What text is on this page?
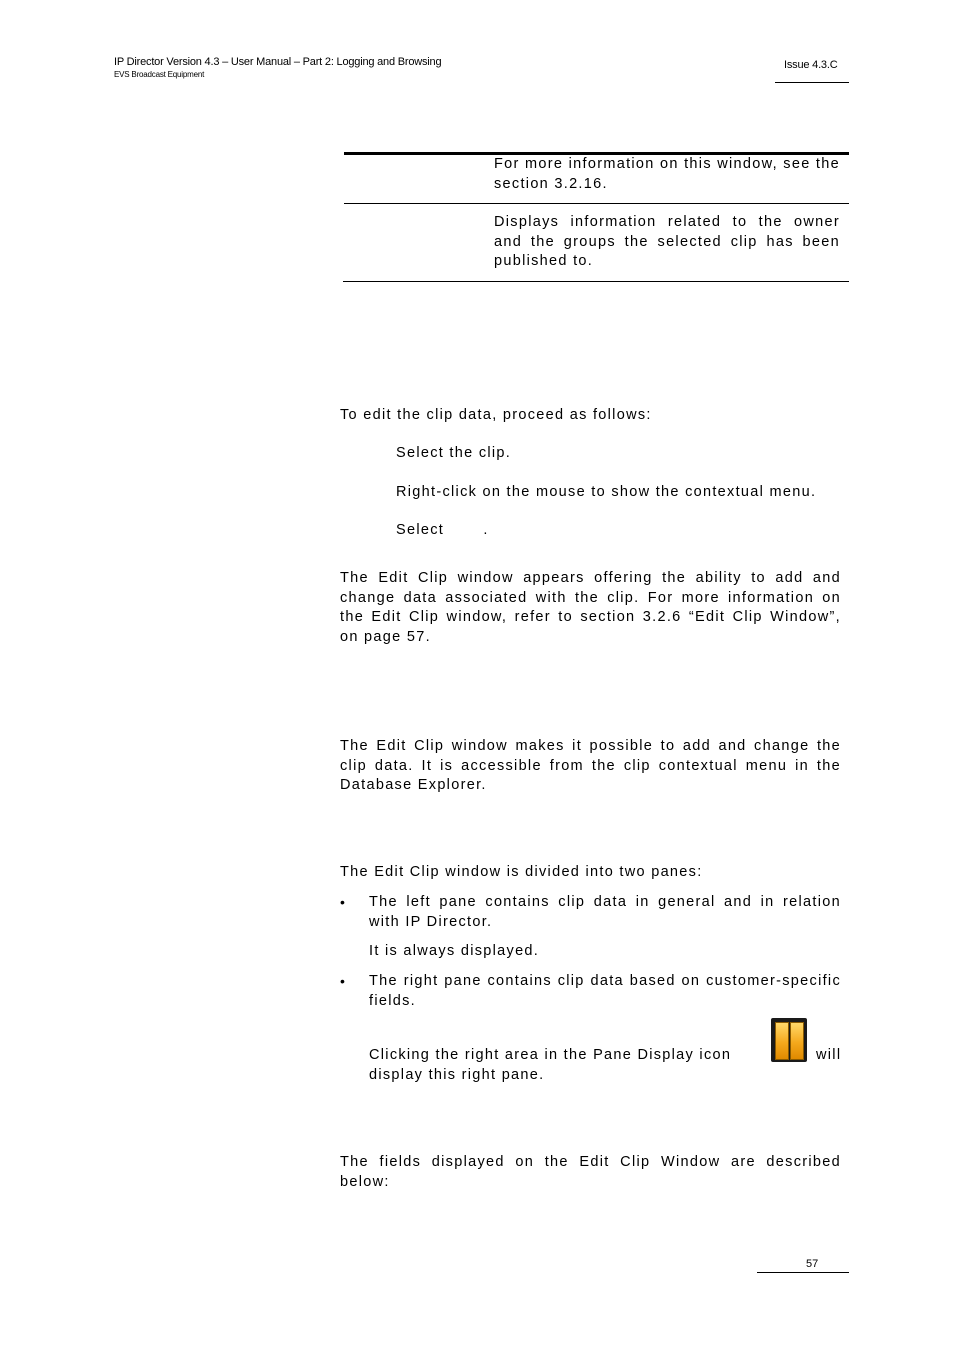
IP Director Version 4.3 – User Manual – Part 2: Logging and Browsing
EVS Broadcast Equipment
Issue 4.3.C
For more information on this window, see the section 3.2.16.
Displays information related to the owner and the groups the selected clip has been published to.
To edit the clip data, proceed as follows:
Select the clip.
Right-click on the mouse to show the contextual menu.
Select .
The Edit Clip window appears offering the ability to add and change data associated with the clip. For more information on the Edit Clip window, refer to section 3.2.6 “Edit Clip Window”, on page 57.
The Edit Clip window makes it possible to add and change the clip data. It is accessible from the clip contextual menu in the Database Explorer.
The Edit Clip window is divided into two panes:
• The left pane contains clip data in general and in relation with IP Director.
It is always displayed.
• The right pane contains clip data based on customer-specific fields.
Clicking the right area in the Pane Display icon	will
display this right pane.
The fields displayed on the Edit Clip Window are described below:
57
